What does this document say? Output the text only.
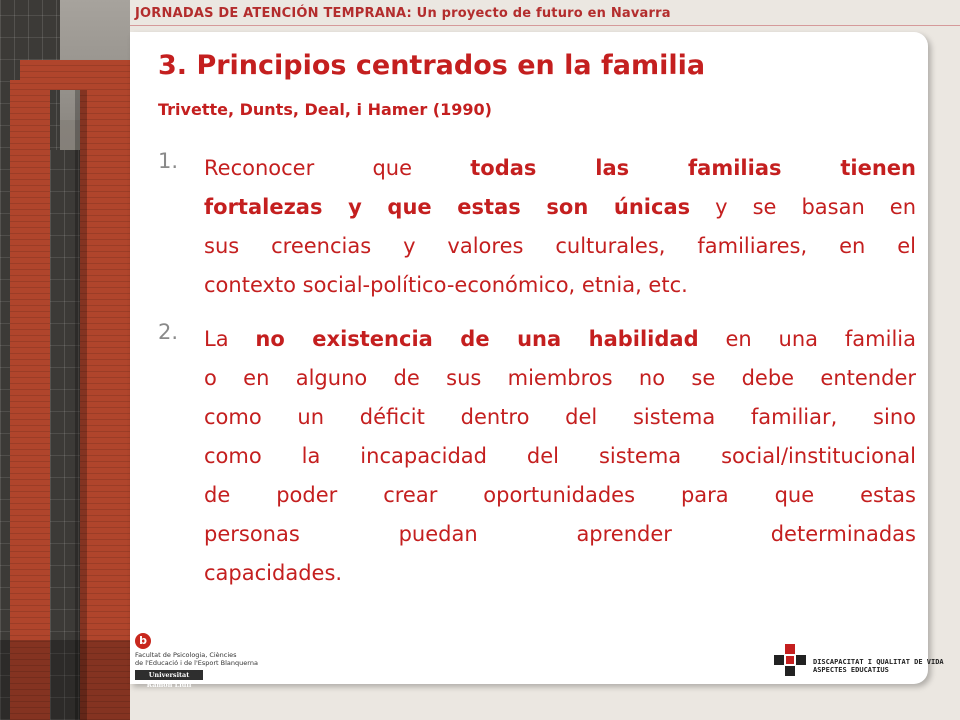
JORNADAS DE ATENCIÓN TEMPRANA: Un proyecto de futuro en Navarra
3. Principios centrados en la familia
Trivette, Dunts, Deal, i Hamer (1990)
1. Reconocer que todas las familias tienen
fortalezas y que estas son únicas y se basan en
sus creencias y valores culturales, familiares, en el
contexto social-político-económico, etnia, etc.
2. La no existencia de una habilidad en una familia
o en alguno de sus miembros no se debe entender
como un déficit dentro del sistema familiar, sino
como la incapacidad del sistema social/institucional
de poder crear oportunidades para que estas
personas puedan aprender determinadas
capacidades.
b
Facultat de Psicologia, Ciències
de l'Educació i de l'Esport Blanquerna
Universitat Ramon Llull
DISCAPACITAT I QUALITAT DE VIDA
ASPECTES EDUCATIUS
